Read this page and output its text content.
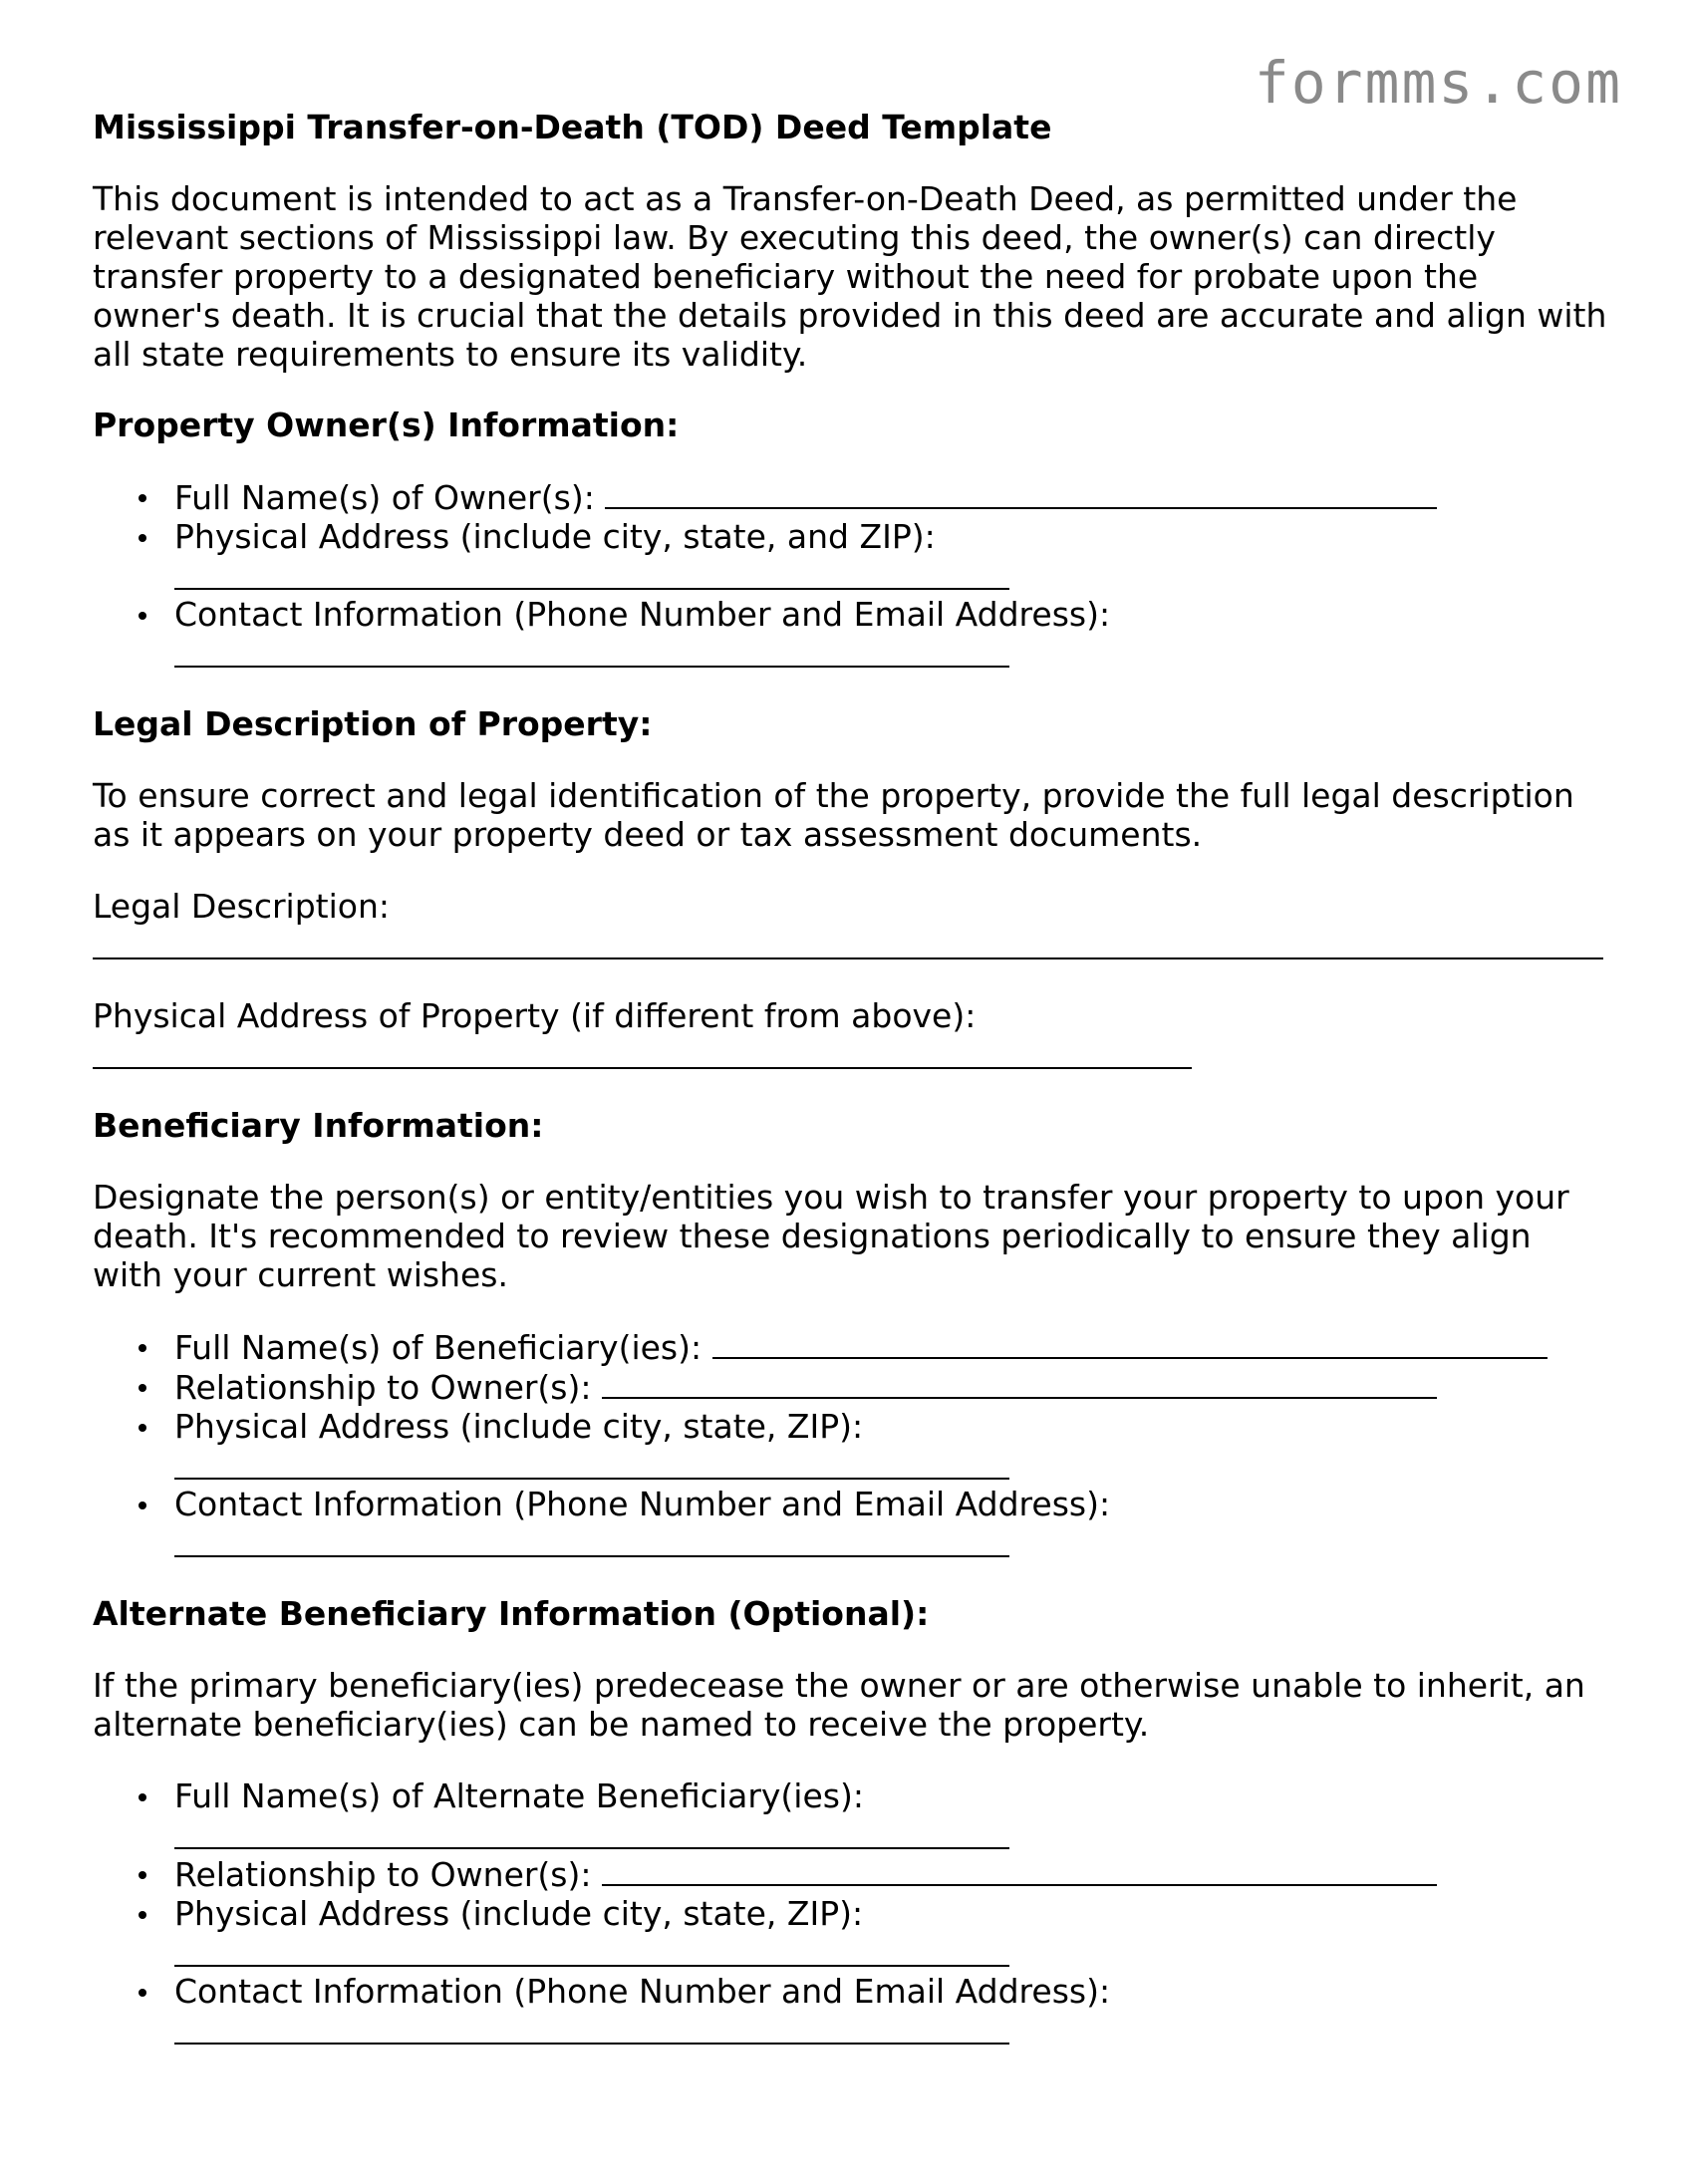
formms.com
Mississippi Transfer-on-Death (TOD) Deed Template

This document is intended to act as a Transfer-on-Death Deed, as permitted under the relevant sections of Mississippi law. By executing this deed, the owner(s) can directly transfer property to a designated beneficiary without the need for probate upon the owner's death. It is crucial that the details provided in this deed are accurate and align with all state requirements to ensure its validity.

Property Owner(s) Information:
Full Name(s) of Owner(s):
Physical Address (include city, state, and ZIP):
Contact Information (Phone Number and Email Address):
Legal Description of Property:

To ensure correct and legal identification of the property, provide the full legal description as it appears on your property deed or tax assessment documents.

Legal Description:

Physical Address of Property (if different from above):

Beneficiary Information:

Designate the person(s) or entity/entities you wish to transfer your property to upon your death. It's recommended to review these designations periodically to ensure they align with your current wishes.

Full Name(s) of Beneficiary(ies):
Relationship to Owner(s):
Physical Address (include city, state, ZIP):
Contact Information (Phone Number and Email Address):
Alternate Beneficiary Information (Optional):

If the primary beneficiary(ies) predecease the owner or are otherwise unable to inherit, an alternate beneficiary(ies) can be named to receive the property.

Full Name(s) of Alternate Beneficiary(ies):
Relationship to Owner(s):
Physical Address (include city, state, ZIP):
Contact Information (Phone Number and Email Address):
